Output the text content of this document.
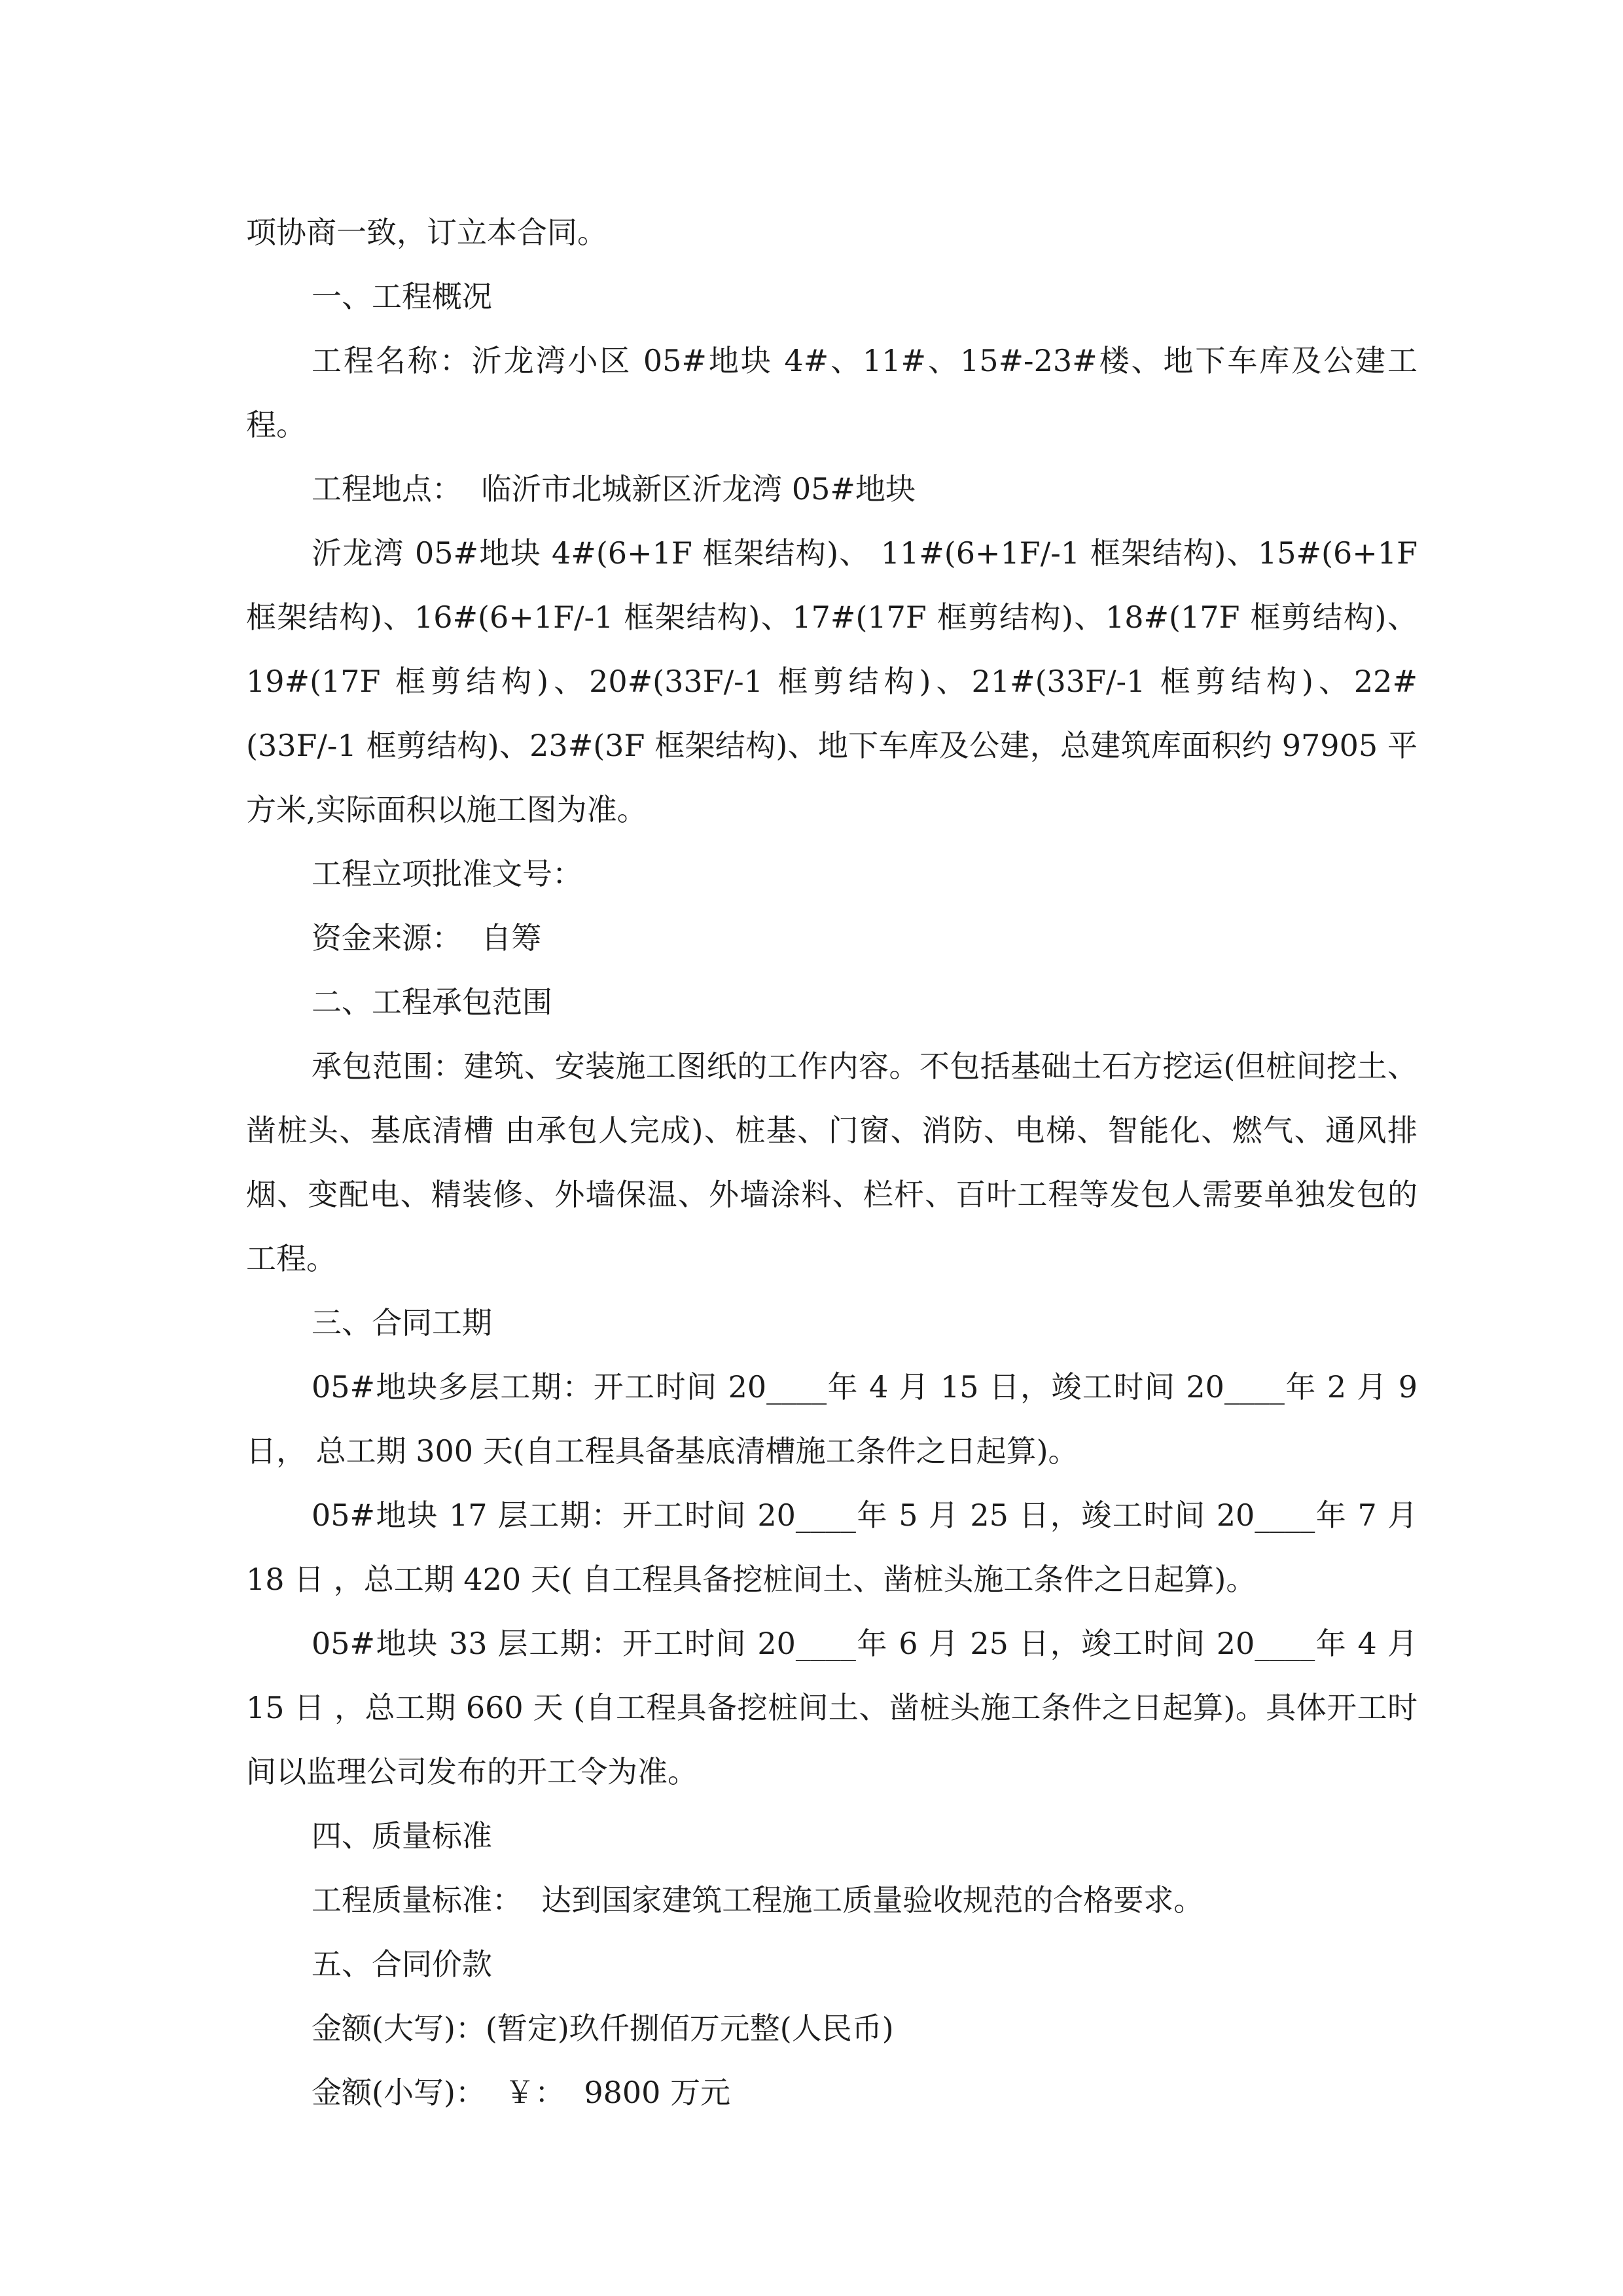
项协商一致，订立本合同。

一、工程概况

工程名称：沂龙湾小区 05#地块 4#、11#、15#-23#楼、地下车库及公建工程。

工程地点：  临沂市北城新区沂龙湾 05#地块

沂龙湾 05#地块 4#(6+1F 框架结构)、 11#(6+1F/-1 框架结构)、15#(6+1F 框架结构)、16#(6+1F/-1 框架结构)、17#(17F 框剪结构)、18#(17F 框剪结构)、19#(17F 框剪结构)、20#(33F/-1 框剪结构)、21#(33F/-1 框剪结构)、22#(33F/-1 框剪结构)、23#(3F 框架结构)、地下车库及公建，总建筑库面积约 97905 平方米,实际面积以施工图为准。

工程立项批准文号：

资金来源：  自筹

二、工程承包范围

承包范围：建筑、安装施工图纸的工作内容。不包括基础土石方挖运(但桩间挖土、凿桩头、基底清槽 由承包人完成)、桩基、门窗、消防、电梯、智能化、燃气、通风排烟、变配电、精装修、外墙保温、外墙涂料、栏杆、百叶工程等发包人需要单独发包的工程。

三、合同工期

05#地块多层工期：开工时间 20____年 4 月 15 日，竣工时间 20____年 2 月 9 日， 总工期 300 天(自工程具备基底清槽施工条件之日起算)。

05#地块 17 层工期：开工时间 20____年 5 月 25 日，竣工时间 20____年 7 月 18 日 ，总工期 420 天( 自工程具备挖桩间土、凿桩头施工条件之日起算)。

05#地块 33 层工期：开工时间 20____年 6 月 25 日，竣工时间 20____年 4 月 15 日 ，总工期 660 天 (自工程具备挖桩间土、凿桩头施工条件之日起算)。具体开工时间以监理公司发布的开工令为准。

四、质量标准

工程质量标准：  达到国家建筑工程施工质量验收规范的合格要求。

五、合同价款

金额(大写)：(暂定)玖仟捌佰万元整(人民币)

金额(小写)：  ￥：  9800 万元
